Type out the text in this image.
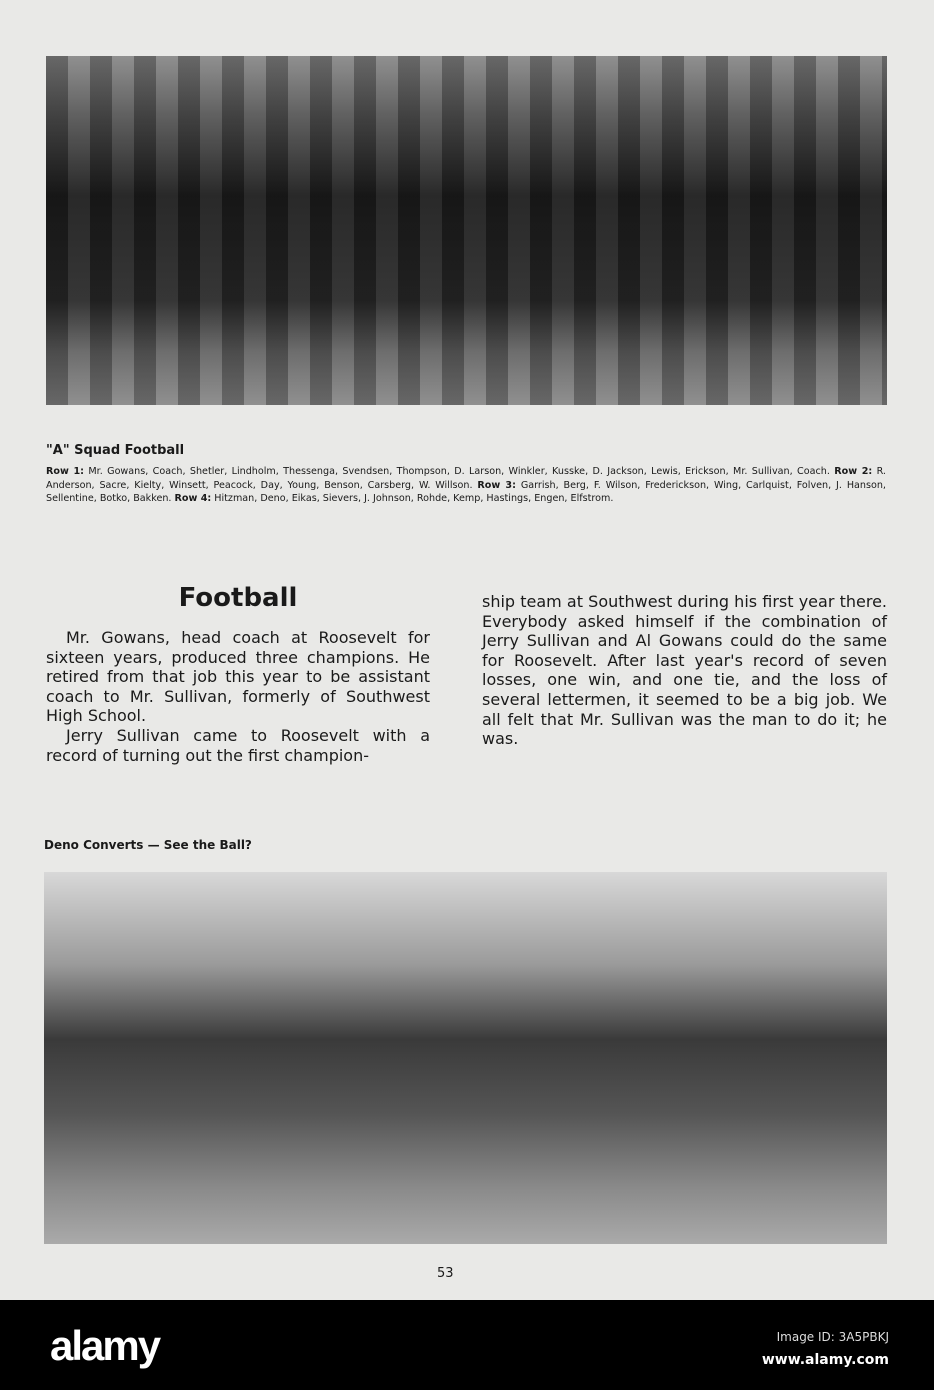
"A" Squad Football
Row 1: Mr. Gowans, Coach, Shetler, Lindholm, Thessenga, Svendsen, Thompson, D. Larson, Winkler, Kusske, D. Jackson, Lewis, Erickson, Mr. Sullivan, Coach. Row 2: R. Anderson, Sacre, Kielty, Winsett, Peacock, Day, Young, Benson, Carsberg, W. Willson. Row 3: Garrish, Berg, F. Wilson, Frederickson, Wing, Carlquist, Folven, J. Hanson, Sellentine, Botko, Bakken. Row 4: Hitzman, Deno, Eikas, Sievers, J. Johnson, Rohde, Kemp, Hastings, Engen, Elfstrom.
Football

Mr. Gowans, head coach at Roosevelt for sixteen years, produced three champions. He retired from that job this year to be assistant coach to Mr. Sullivan, formerly of Southwest High School.

Jerry Sullivan came to Roosevelt with a record of turning out the first champion-

ship team at Southwest during his first year there. Everybody asked himself if the combination of Jerry Sullivan and Al Gowans could do the same for Roosevelt. After last year's record of seven losses, one win, and one tie, and the loss of several lettermen, it seemed to be a big job. We all felt that Mr. Sullivan was the man to do it; he was.

Deno Converts — See the Ball?
53
alamy	Image ID: 3A5PBKJ
www.alamy.com
